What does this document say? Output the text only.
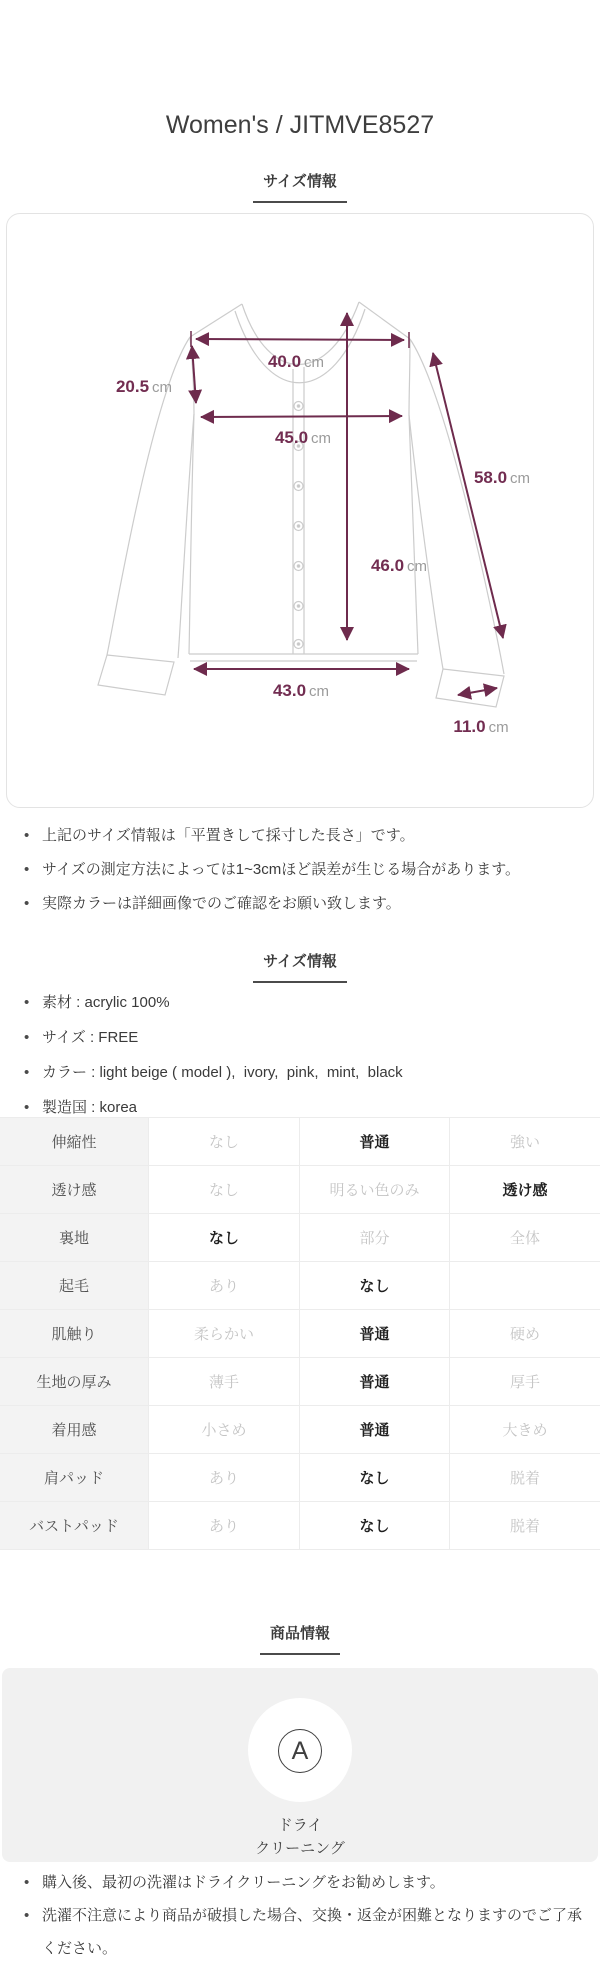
Women's / JITMVE8527
サイズ情報
40.0 cm
20.5 cm
45.0 cm
58.0 cm
46.0 cm
43.0 cm
11.0 cm
• 上記のサイズ情報は「平置きして採寸した長さ」です。
• サイズの測定方法によっては1~3cmほど誤差が生じる場合があります。
• 実際カラーは詳細画像でのご確認をお願い致します。
サイズ情報
• 素材 : acrylic 100%
• サイズ : FREE
• カラー : light beige ( model ),  ivory,  pink,  mint,  black
• 製造国 : korea
伸縮性	なし	普通	強い
透け感	なし	明るい色のみ	透け感
裏地	なし	部分	全体
起毛	あり	なし
肌触り	柔らかい	普通	硬め
生地の厚み	薄手	普通	厚手
着用感	小さめ	普通	大きめ
肩パッド	あり	なし	脱着
バストパッド	あり	なし	脱着
商品情報
A
ドライ
クリーニング
• 購入後、最初の洗濯はドライクリーニングをお勧めします。
• 洗濯不注意により商品が破損した場合、交換・返金が困難となりますのでご了承ください。
